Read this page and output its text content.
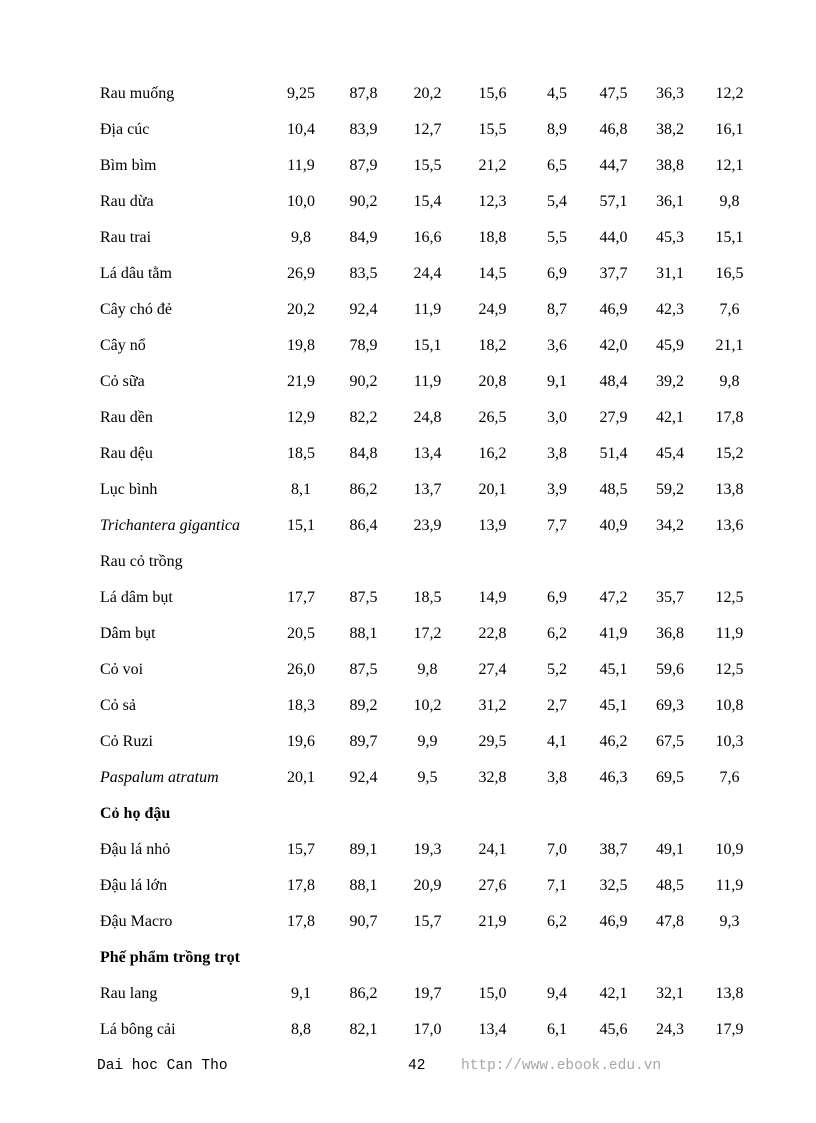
Rau muống	9,25	87,8	20,2	15,6	4,5	47,5	36,3	12,2
Địa cúc	10,4	83,9	12,7	15,5	8,9	46,8	38,2	16,1
Bìm bìm	11,9	87,9	15,5	21,2	6,5	44,7	38,8	12,1
Rau dừa	10,0	90,2	15,4	12,3	5,4	57,1	36,1	9,8
Rau trai	9,8	84,9	16,6	18,8	5,5	44,0	45,3	15,1
Lá dâu tằm	26,9	83,5	24,4	14,5	6,9	37,7	31,1	16,5
Cây chó đẻ	20,2	92,4	11,9	24,9	8,7	46,9	42,3	7,6
Cây nổ	19,8	78,9	15,1	18,2	3,6	42,0	45,9	21,1
Cỏ sữa	21,9	90,2	11,9	20,8	9,1	48,4	39,2	9,8
Rau dền	12,9	82,2	24,8	26,5	3,0	27,9	42,1	17,8
Rau dệu	18,5	84,8	13,4	16,2	3,8	51,4	45,4	15,2
Lục bình	8,1	86,2	13,7	20,1	3,9	48,5	59,2	13,8
Trichantera gigantica	15,1	86,4	23,9	13,9	7,7	40,9	34,2	13,6
Rau cỏ trồng								
Lá dâm bụt	17,7	87,5	18,5	14,9	6,9	47,2	35,7	12,5
Dâm bụt	20,5	88,1	17,2	22,8	6,2	41,9	36,8	11,9
Cỏ voi	26,0	87,5	9,8	27,4	5,2	45,1	59,6	12,5
Cỏ sả	18,3	89,2	10,2	31,2	2,7	45,1	69,3	10,8
Cỏ Ruzi	19,6	89,7	9,9	29,5	4,1	46,2	67,5	10,3
Paspalum atratum	20,1	92,4	9,5	32,8	3,8	46,3	69,5	7,6
Cỏ họ đậu								
Đậu lá nhỏ	15,7	89,1	19,3	24,1	7,0	38,7	49,1	10,9
Đậu lá lớn	17,8	88,1	20,9	27,6	7,1	32,5	48,5	11,9
Đậu Macro	17,8	90,7	15,7	21,9	6,2	46,9	47,8	9,3
Phế phẩm trồng trọt								
Rau lang	9,1	86,2	19,7	15,0	9,4	42,1	32,1	13,8
Lá bông cải	8,8	82,1	17,0	13,4	6,1	45,6	24,3	17,9
Dai hoc Can Tho	42 http://www.ebook.edu.vn
